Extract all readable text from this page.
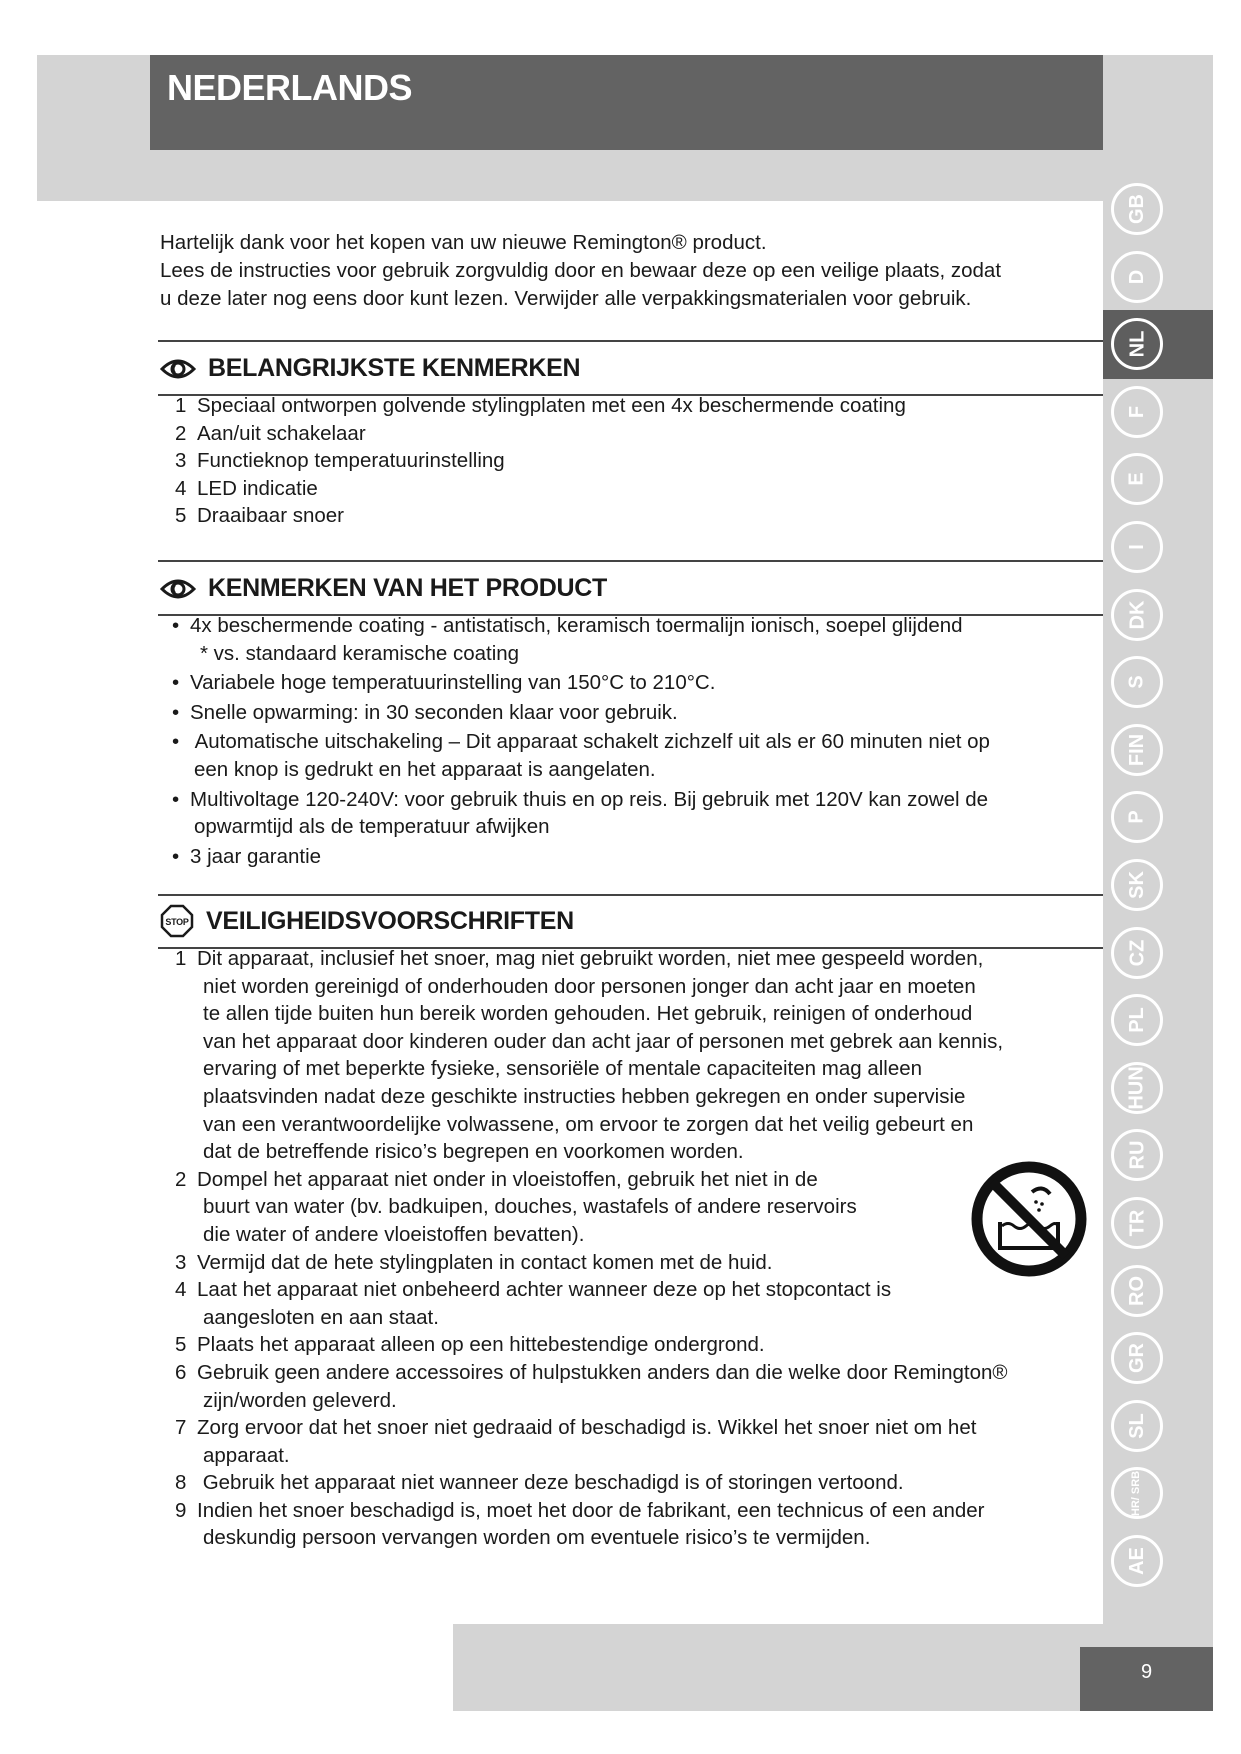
NEDERLANDS
GB
D
NL
F
E
I
DK
S
FIN
P
SK
CZ
PL
HUN
RU
TR
RO
GR
SL
HR/ SRB
AE
9
Hartelijk dank voor het kopen van uw nieuwe Remington® product.
Lees de instructies voor gebruik zorgvuldig door en bewaar deze op een veilige plaats, zodat
u deze later nog eens door kunt lezen. Verwijder alle verpakkingsmaterialen voor gebruik.
BELANGRIJKSTE KENMERKEN
1 Speciaal ontworpen golvende stylingplaten met een 4x beschermende coating
2 Aan/uit schakelaar
3 Functieknop temperatuurinstelling
4 LED indicatie
5 Draaibaar snoer
KENMERKEN VAN HET PRODUCT
• 4x beschermende coating - antistatisch, keramisch toermalijn ionisch, soepel glijdend
* vs. standaard keramische coating
• Variabele hoge temperatuurinstelling van 150°C to 210°C.
• Snelle opwarming: in 30 seconden klaar voor gebruik.
• Automatische uitschakeling – Dit apparaat schakelt zichzelf uit als er 60 minuten niet op
een knop is gedrukt en het apparaat is aangelaten.
• Multivoltage 120-240V: voor gebruik thuis en op reis. Bij gebruik met 120V kan zowel de
opwarmtijd als de temperatuur afwijken
• 3 jaar garantie
STOP VEILIGHEIDSVOORSCHRIFTEN
1 Dit apparaat, inclusief het snoer, mag niet gebruikt worden, niet mee gespeeld worden,
niet worden gereinigd of onderhouden door personen jonger dan acht jaar en moeten
te allen tijde buiten hun bereik worden gehouden. Het gebruik, reinigen of onderhoud
van het apparaat door kinderen ouder dan acht jaar of personen met gebrek aan kennis,
ervaring of met beperkte fysieke, sensoriële of mentale capaciteiten mag alleen
plaatsvinden nadat deze geschikte instructies hebben gekregen en onder supervisie
van een verantwoordelijke volwassene, om ervoor te zorgen dat het veilig gebeurt en
dat de betreffende risico’s begrepen en voorkomen worden.
2 Dompel het apparaat niet onder in vloeistoffen, gebruik het niet in de
buurt van water (bv. badkuipen, douches, wastafels of andere reservoirs
die water of andere vloeistoffen bevatten).
3 Vermijd dat de hete stylingplaten in contact komen met de huid.
4 Laat het apparaat niet onbeheerd achter wanneer deze op het stopcontact is
aangesloten en aan staat.
5 Plaats het apparaat alleen op een hittebestendige ondergrond.
6 Gebruik geen andere accessoires of hulpstukken anders dan die welke door Remington®
zijn/worden geleverd.
7 Zorg ervoor dat het snoer niet gedraaid of beschadigd is. Wikkel het snoer niet om het
apparaat.
8 Gebruik het apparaat niet wanneer deze beschadigd is of storingen vertoond.
9 Indien het snoer beschadigd is, moet het door de fabrikant, een technicus of een ander
deskundig persoon vervangen worden om eventuele risico’s te vermijden.
